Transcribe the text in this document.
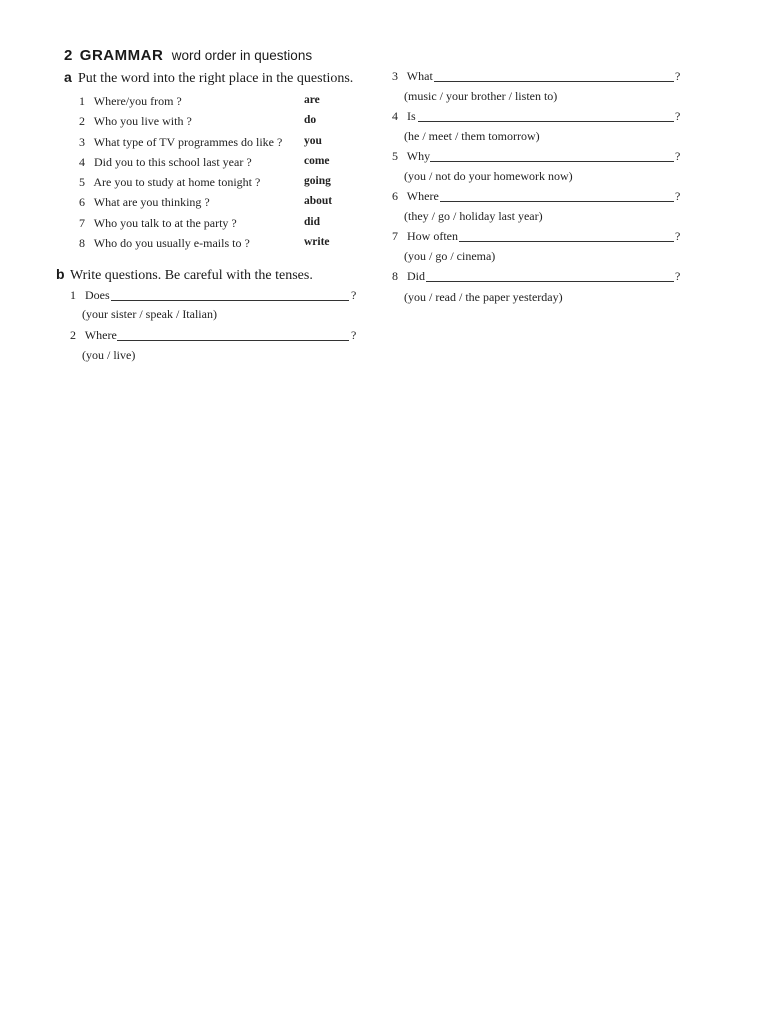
2 GRAMMAR word order in questions
a Put the word into the right place in the questions.
1 Where/you from ?	are
2 Who you live with ?	do
3 What type of TV programmes do like ? you
4 Did you to this school last year ?	come
5 Are you to study at home tonight ?	going
6 What are you thinking ?	about
7 Who you talk to at the party ?	did
8 Who do you usually e-mails to ?	write
b Write questions. Be careful with the tenses.
1 Does	?
(your sister / speak / Italian)
2 Where	?
(you / live)
3 What	?
(music / your brother / listen to)
4 Is	?
(he / meet / them tomorrow)
5 Why	?
(you / not do your homework now)
6 Where	?
(they / go / holiday last year)
7 How often	?
(you / go / cinema)
8 Did	?
(you / read / the paper yesterday)
